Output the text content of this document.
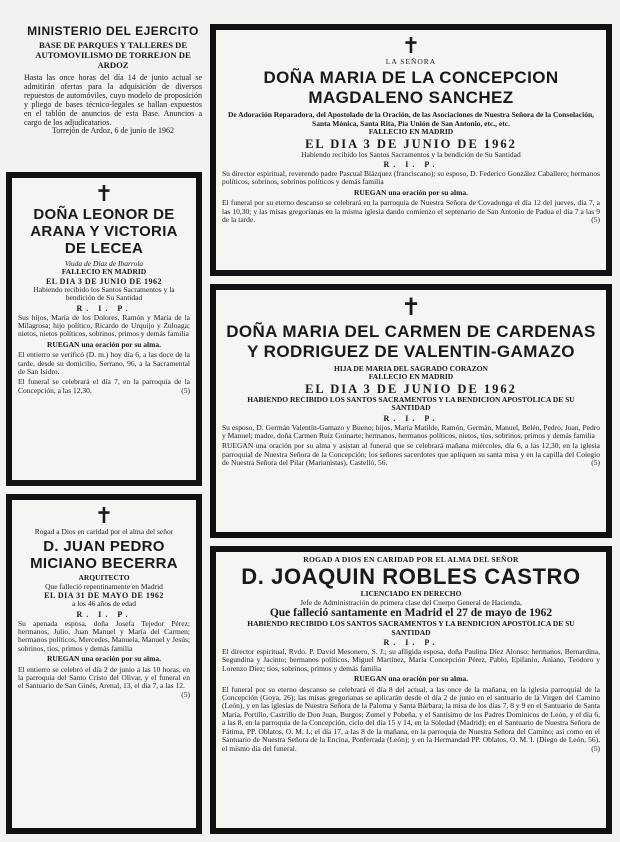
MINISTERIO DEL EJERCITO
BASE DE PARQUES Y TALLERES DE AUTOMOVILISMO DE TORREJON DE ARDOZ
Hasta las once horas del día 14 de junio actual se admitirán ofertas para la adquisición de diversos repuestos de automóviles, cuyo modelo de proposición y pliego de bases técnico-legales se hallan expuestos en el tablón de anuncios de esta Base. Anuncios a cargo de los adjudicatarios.
Torrejón de Ardoz, 6 de junio de 1962
✝
DOÑA LEONOR DE ARANA Y VICTORIA DE LECEA
Viuda de Díaz de Ibarrola
FALLECIO EN MADRID
EL DIA 3 DE JUNIO DE 1962
Habiendo recibido los Santos Sacramentos y la bendición de Su Santidad
R. I. P.

Sus hijos, María de los Dolores, Ramón y María de la Milagrosa; hijo político, Ricardo de Urquijo y Zuloaga; nietos, nietos políticos, sobrinos, primos y demás familia

RUEGAN una oración por su alma.

El entierro se verificó (D. m.) hoy día 6, a las doce de la tarde, desde su domicilio, Serrano, 96, a la Sacramental de San Isidro.

El funeral se celebrará el día 7, en la parroquia de la Concepción, a las 12,30.	(5)

✝
Rogad a Dios en caridad por el alma del señor
D. JUAN PEDRO MICIANO BECERRA
ARQUITECTO
Que falleció repentinamente en Madrid
EL DIA 31 DE MAYO DE 1962
a los 46 años de edad
R. I. P.

Su apenada esposa, doña Josefa Tejedor Pérez; hermanos, Julio, Juan Manuel y María del Carmen; hermanos políticos, Mercedes, Manuela, Manuel y Jesús; sobrinos, tíos, primos y demás familia

RUEGAN una oración por su alma.

El entierro se celebró el día 2 de junio a las 10 horas, en la parroquia del Santo Cristo del Olivar, y el funeral en el Santuario de San Ginés, Arenal, 13, el día 7, a las 12.
(5)

✝
LA SEÑORA
DOÑA MARIA DE LA CONCEPCION MAGDALENO SANCHEZ
De Adoración Reparadora, del Apostolado de la Oración, de las Asociaciones de Nuestra Señora de la Consolación, Santa Mónica, Santa Rita, Pía Unión de San Antonio, etc., etc.
FALLECIO EN MADRID
EL DIA 3 DE JUNIO DE 1962
Habiendo recibido los Santos Sacramentos y la bendición de Su Santidad
R. I. P.

Su director espiritual, reverendo padre Pascual Blázquez (franciscano); su esposo, D. Federico González Caballero; hermanos políticos, sobrinos, sobrinos políticos y demás familia

RUEGAN una oración por su alma.

El funeral por su eterno descanso se celebrará en la parroquia de Nuestra Señora de Covadonga el día 12 del jueves, día 7, a las 10,30; y las misas gregorianas en la misma iglesia dando comienzo el septenario de San Antonio de Padua el día 7 a las 9 de la tarde.	(5)

✝
DOÑA MARIA DEL CARMEN DE CARDENAS Y RODRIGUEZ DE VALENTIN-GAMAZO
HIJA DE MARIA DEL SAGRADO CORAZON
FALLECIO EN MADRID
EL DIA 3 DE JUNIO DE 1962
HABIENDO RECIBIDO LOS SANTOS SACRAMENTOS Y LA BENDICION APOSTOLICA DE SU SANTIDAD
R. I. P.

Su esposo, D. Germán Valentín-Gamazo y Bueno; hijos, María Matilde, Ramón, Germán, Manuel, Belén, Pedro, Juan, Pedro y Manuel; madre, doña Carmen Ruiz Guinarte; hermanos, hermanos políticos, nietos, tíos, sobrinos, primos y demás familia

RUEGAN una oración por su alma y asistan al funeral que se celebrará mañana miércoles, día 6, a las 12,30, en la iglesia parroquial de Nuestra Señora de la Concepción; los señores sacerdotes que apliquen su santa misa y en la capilla del Colegio de Nuestra Señora del Pilar (Marianistas), Castelló, 56.	(5)

ROGAD A DIOS EN CARIDAD POR EL ALMA DEL SEÑOR
D. JOAQUIN ROBLES CASTRO
LICENCIADO EN DERECHO
Jefe de Administración de primera clase del Cuerpo General de Hacienda,
Que falleció santamente en Madrid el 27 de mayo de 1962
HABIENDO RECIBIDO LOS SANTOS SACRAMENTOS Y LA BENDICION APOSTOLICA DE SU SANTIDAD
R. I. P.

El director espiritual, Rvdo. P. David Mesonero, S. J.; su afligida esposa, doña Paulina Díez Alonso; hermanos, Bernardina, Segundina y Jacinto; hermanos políticos, Miguel Martínez, María Concepción Pérez, Pablo, Epifanio, Aniano, Teodoro y Lorenzo Díez; tíos, sobrinos, primos y demás familia

RUEGAN una oración por su alma.

El funeral por su eterno descanso se celebrará el día 8 del actual, a las once de la mañana, en la iglesia parroquial de la Concepción (Goya, 26); las misas gregorianas se aplicarán desde el día 2 de junio en el santuario de la Virgen del Camino (León), y en las iglesias de Nuestra Señora de la Paloma y Santa Bárbara; la misa de los días 7, 8 y 9 en el Santuario de Santa María, Portillo, Castrillo de Don Juan, Burgos; Zumel y Pobeña, y el Santísimo de los Padres Dominicos de León, y el día 6, a las 8, en la parroquia de la Concepción, ciclo del día 15 y 14, en la Soledad (Madrid); en el Santuario de Nuestra Señora de Fátima, PP. Oblatos, O. M. I.; el día 17, a las 8 de la mañana, en la parroquia de Nuestra Señora del Camino; así como en el Santuario de Nuestra Señora de la Encina, Ponferrada (León); y en la Hermandad PP. Oblatos, O. M. I. (Diego de León, 56), el mismo día del funeral.	(5)
